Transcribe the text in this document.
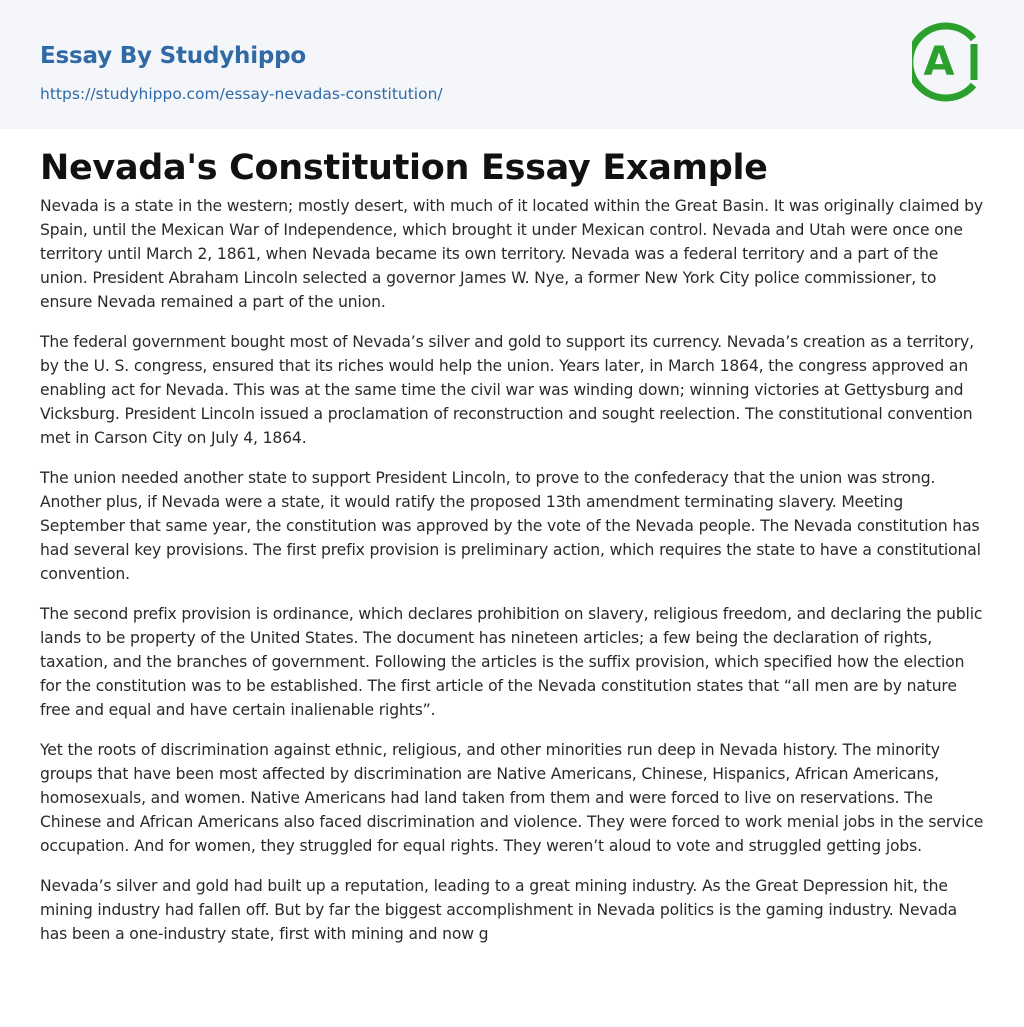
Essay By Studyhippo
https://studyhippo.com/essay-nevadas-constitution/
A
Nevada's Constitution Essay Example

Nevada is a state in the western; mostly desert, with much of it located within the Great Basin. It was originally claimed by Spain, until the Mexican War of Independence, which brought it under Mexican control. Nevada and Utah were once one territory until March 2, 1861, when Nevada became its own territory. Nevada was a federal territory and a part of the union. President Abraham Lincoln selected a governor James W. Nye, a former New York City police commissioner, to ensure Nevada remained a part of the union.

The federal government bought most of Nevada’s silver and gold to support its currency. Nevada’s creation as a territory, by the U. S. congress, ensured that its riches would help the union. Years later, in March 1864, the congress approved an enabling act for Nevada. This was at the same time the civil war was winding down; winning victories at Gettysburg and Vicksburg. President Lincoln issued a proclamation of reconstruction and sought reelection. The constitutional convention met in Carson City on July 4, 1864.

The union needed another state to support President Lincoln, to prove to the confederacy that the union was strong. Another plus, if Nevada were a state, it would ratify the proposed 13th amendment terminating slavery. Meeting September that same year, the constitution was approved by the vote of the Nevada people. The Nevada constitution has had several key provisions. The first prefix provision is preliminary action, which requires the state to have a constitutional convention.

The second prefix provision is ordinance, which declares prohibition on slavery, religious freedom, and declaring the public lands to be property of the United States. The document has nineteen articles; a few being the declaration of rights, taxation, and the branches of government. Following the articles is the suffix provision, which specified how the election for the constitution was to be established. The first article of the Nevada constitution states that “all men are by nature free and equal and have certain inalienable rights”.

Yet the roots of discrimination against ethnic, religious, and other minorities run deep in Nevada history. The minority groups that have been most affected by discrimination are Native Americans, Chinese, Hispanics, African Americans, homosexuals, and women. Native Americans had land taken from them and were forced to live on reservations. The Chinese and African Americans also faced discrimination and violence. They were forced to work menial jobs in the service occupation. And for women, they struggled for equal rights. They weren’t aloud to vote and struggled getting jobs.

Nevada’s silver and gold had built up a reputation, leading to a great mining industry. As the Great Depression hit, the mining industry had fallen off. But by far the biggest accomplishment in Nevada politics is the gaming industry. Nevada has been a one-industry state, first with mining and now g
